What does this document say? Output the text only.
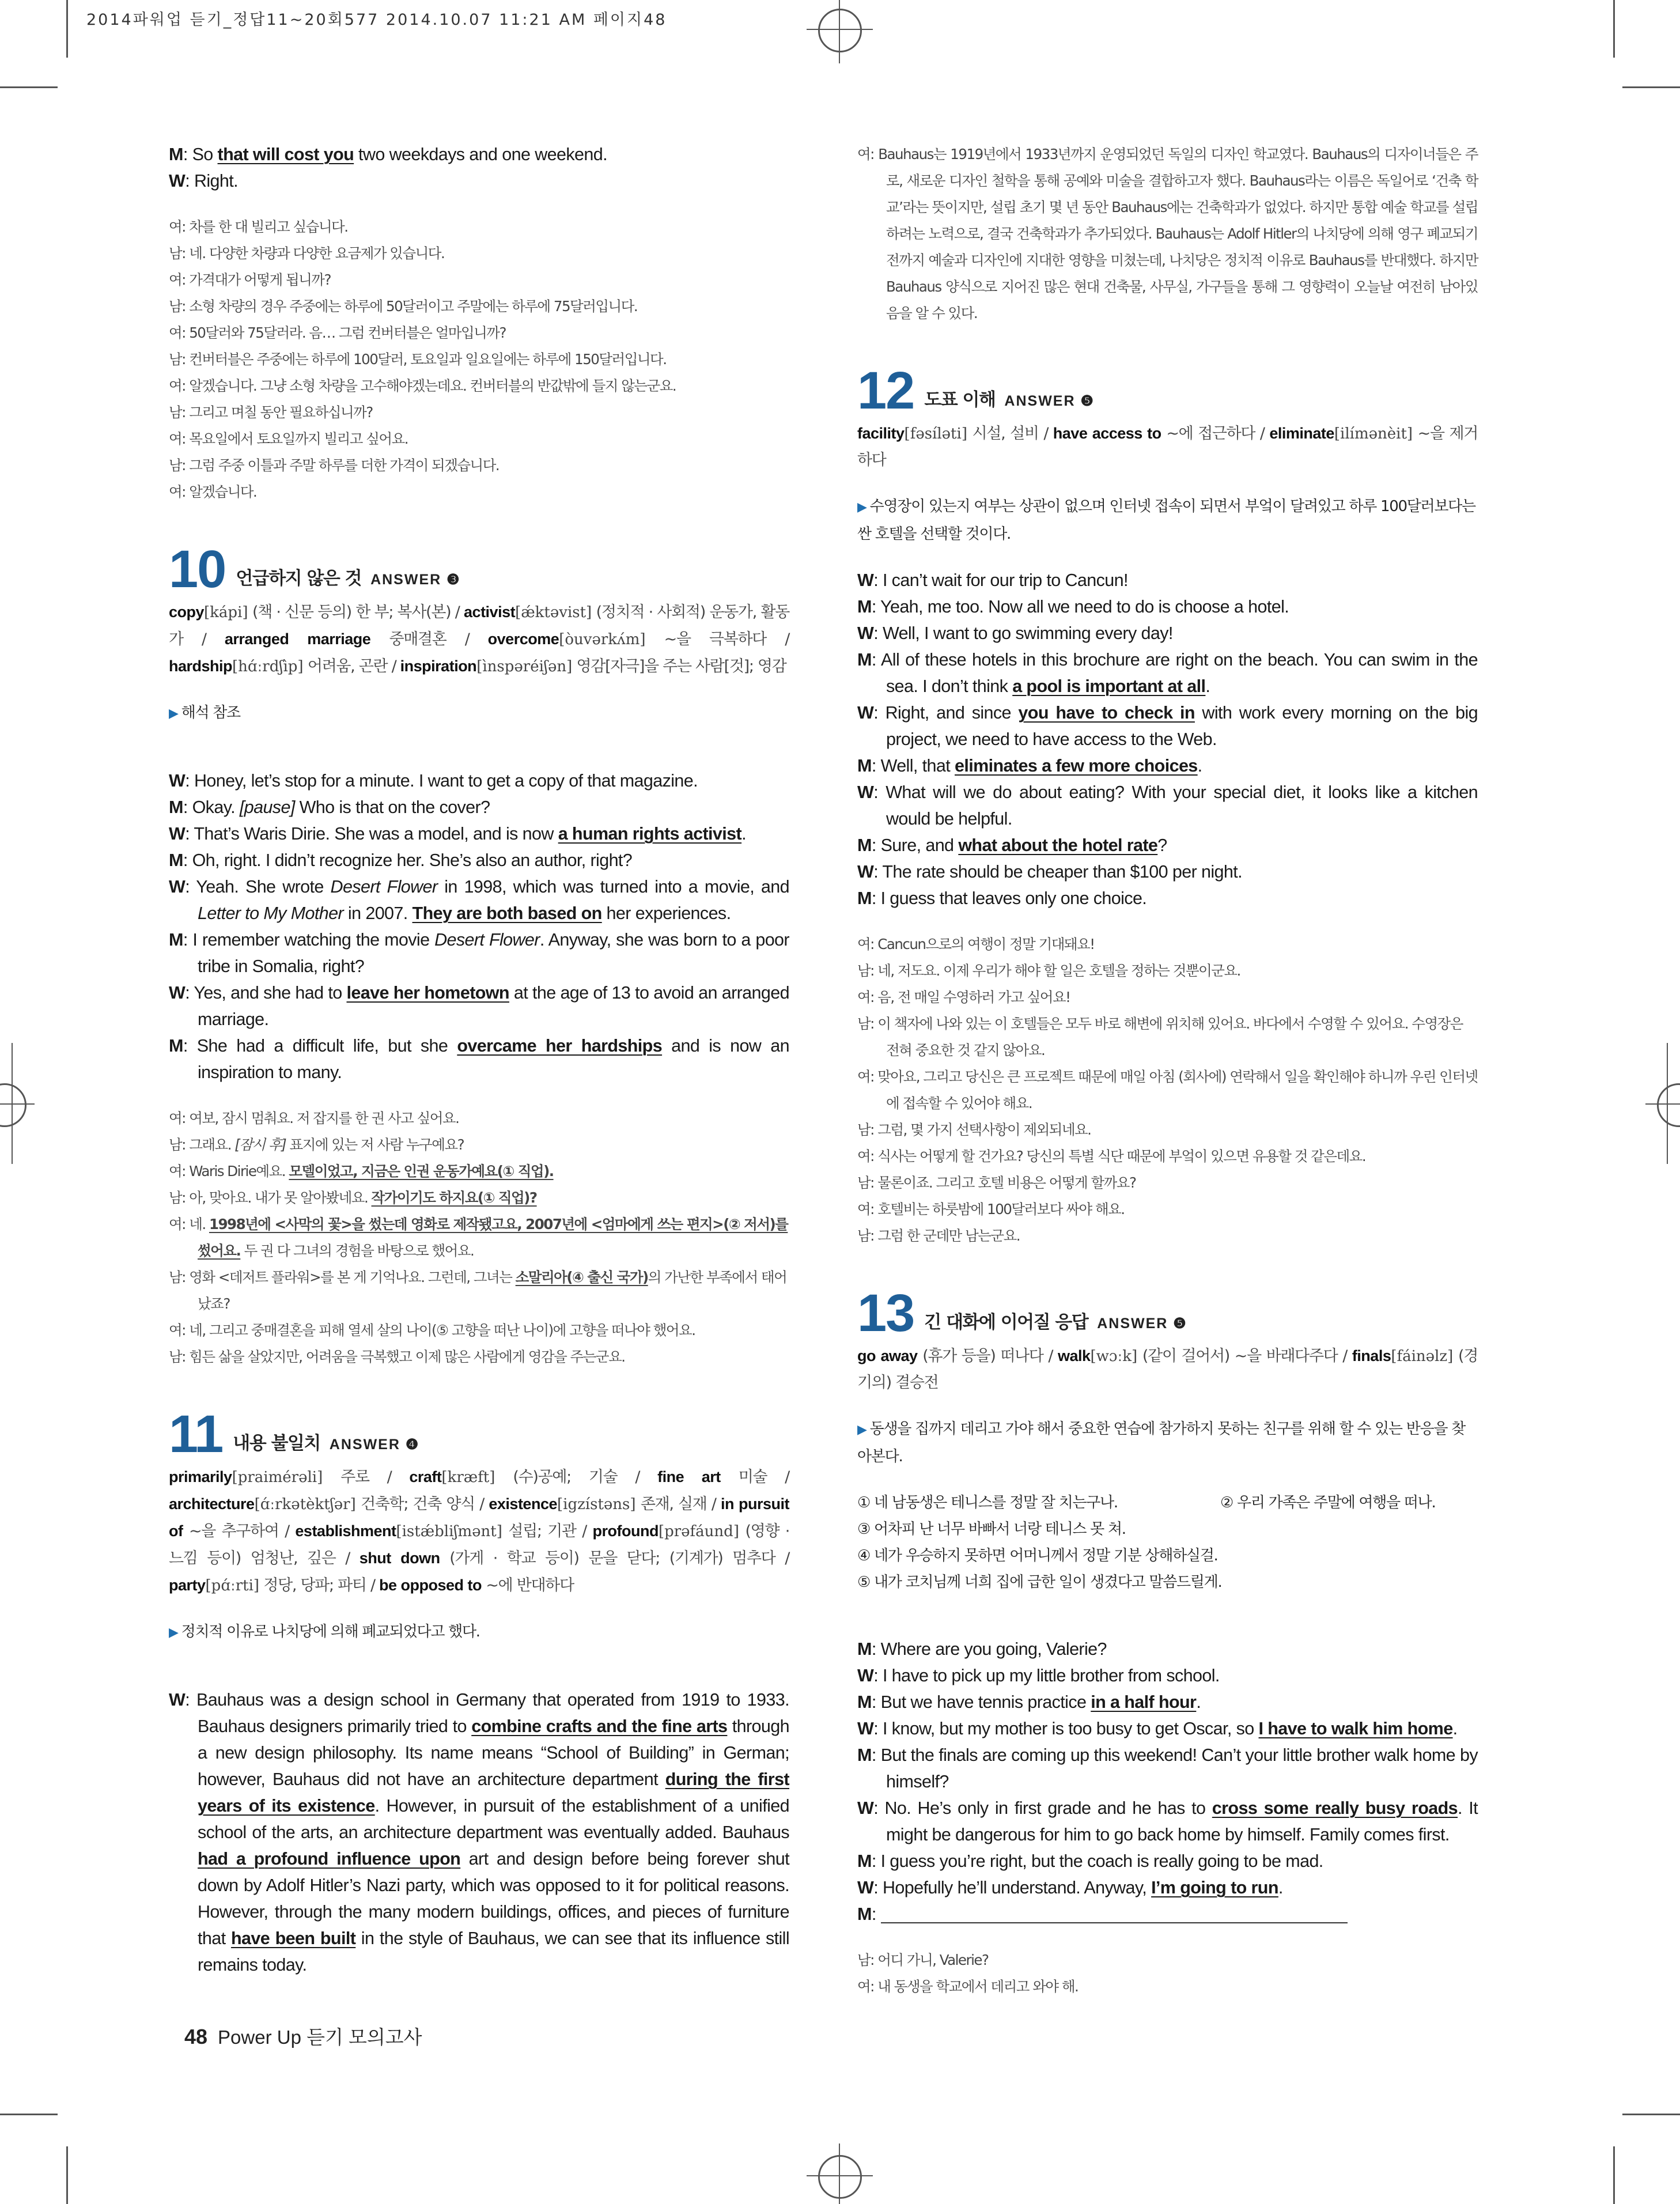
2014파워업 듣기_정답11~20회577 2014.10.07 11:21 AM 페이지48

M: So that will cost you two weekdays and one weekend.

W: Right.

여: 차를 한 대 빌리고 싶습니다.

남: 네. 다양한 차량과 다양한 요금제가 있습니다.

여: 가격대가 어떻게 됩니까?

남: 소형 차량의 경우 주중에는 하루에 50달러이고 주말에는 하루에 75달러입니다.

여: 50달러와 75달러라. 음… 그럼 컨버터블은 얼마입니까?

남: 컨버터블은 주중에는 하루에 100달러, 토요일과 일요일에는 하루에 150달러입니다.

여: 알겠습니다. 그냥 소형 차량을 고수해야겠는데요. 컨버터블의 반값밖에 들지 않는군요.

남: 그리고 며칠 동안 필요하십니까?

여: 목요일에서 토요일까지 빌리고 싶어요.

남: 그럼 주중 이틀과 주말 하루를 더한 가격이 되겠습니다.

여: 알겠습니다.

10 언급하지 않은 것 ANSWER ❸

copy[kápi] (책 · 신문 등의) 한 부; 복사(본) / activist[ǽktəvist] (정치적 · 사회적) 운동가, 활동가 / arranged marriage 중매결혼 / overcome[òuvərkʌ́m] ~을 극복하다 / hardship[hɑ́ːrdʃìp] 어려움, 곤란 / inspiration[ìnspəréiʃən] 영감[자극]을 주는 사람[것]; 영감

▶ 해석 참조

W: Honey, let’s stop for a minute. I want to get a copy of that magazine.

M: Okay. [pause] Who is that on the cover?

W: That’s Waris Dirie. She was a model, and is now a human rights activist.

M: Oh, right. I didn’t recognize her. She’s also an author, right?

W: Yeah. She wrote Desert Flower in 1998, which was turned into a movie, and Letter to My Mother in 2007. They are both based on her experiences.

M: I remember watching the movie Desert Flower. Anyway, she was born to a poor tribe in Somalia, right?

W: Yes, and she had to leave her hometown at the age of 13 to avoid an arranged marriage.

M: She had a difficult life, but she overcame her hardships and is now an inspiration to many.

여: 여보, 잠시 멈춰요. 저 잡지를 한 권 사고 싶어요.

남: 그래요. [잠시 후] 표지에 있는 저 사람 누구예요?

여: Waris Dirie예요. 모델이었고, 지금은 인권 운동가예요(① 직업).

남: 아, 맞아요. 내가 못 알아봤네요. 작가이기도 하지요(① 직업)?

여: 네. 1998년에 <사막의 꽃>을 썼는데 영화로 제작됐고요, 2007년에 <엄마에게 쓰는 편지>(② 저서)를 썼어요. 두 권 다 그녀의 경험을 바탕으로 했어요.

남: 영화 <데저트 플라워>를 본 게 기억나요. 그런데, 그녀는 소말리아(④ 출신 국가)의 가난한 부족에서 태어났죠?

여: 네, 그리고 중매결혼을 피해 열세 살의 나이(⑤ 고향을 떠난 나이)에 고향을 떠나야 했어요.

남: 힘든 삶을 살았지만, 어려움을 극복했고 이제 많은 사람에게 영감을 주는군요.

11 내용 불일치 ANSWER ❹

primarily[praimérəli] 주로 / craft[kræft] (수)공예; 기술 / fine art 미술 / architecture[ɑ́ːrkətèktʃər] 건축학; 건축 양식 / existence[igzístəns] 존재, 실재 / in pursuit of ~을 추구하여 / establishment[istǽbliʃmənt] 설립; 기관 / profound[prəfáund] (영향 · 느낌 등이) 엄청난, 깊은 / shut down (가게 · 학교 등이) 문을 닫다; (기계가) 멈추다 / party[pɑ́ːrti] 정당, 당파; 파티 / be opposed to ~에 반대하다

▶ 정치적 이유로 나치당에 의해 폐교되었다고 했다.

W: Bauhaus was a design school in Germany that operated from 1919 to 1933. Bauhaus designers primarily tried to combine crafts and the fine arts through a new design philosophy. Its name means “School of Building” in German; however, Bauhaus did not have an architecture department during the first years of its existence. However, in pursuit of the establishment of a unified school of the arts, an architecture department was eventually added. Bauhaus had a profound influence upon art and design before being forever shut down by Adolf Hitler’s Nazi party, which was opposed to it for political reasons. However, through the many modern buildings, offices, and pieces of furniture that have been built in the style of Bauhaus, we can see that its influence still remains today.

여: Bauhaus는 1919년에서 1933년까지 운영되었던 독일의 디자인 학교였다. Bauhaus의 디자이너들은 주로, 새로운 디자인 철학을 통해 공예와 미술을 결합하고자 했다. Bauhaus라는 이름은 독일어로 ‘건축 학교’라는 뜻이지만, 설립 초기 몇 년 동안 Bauhaus에는 건축학과가 없었다. 하지만 통합 예술 학교를 설립하려는 노력으로, 결국 건축학과가 추가되었다. Bauhaus는 Adolf Hitler의 나치당에 의해 영구 폐교되기 전까지 예술과 디자인에 지대한 영향을 미쳤는데, 나치당은 정치적 이유로 Bauhaus를 반대했다. 하지만 Bauhaus 양식으로 지어진 많은 현대 건축물, 사무실, 가구들을 통해 그 영향력이 오늘날 여전히 남아있음을 알 수 있다.

12 도표 이해 ANSWER ❺

facility[fəsíləti] 시설, 설비 / have access to ~에 접근하다 / eliminate[ilímənèit] ~을 제거하다

▶ 수영장이 있는지 여부는 상관이 없으며 인터넷 접속이 되면서 부엌이 달려있고 하루 100달러보다는 싼 호텔을 선택할 것이다.

W: I can’t wait for our trip to Cancun!

M: Yeah, me too. Now all we need to do is choose a hotel.

W: Well, I want to go swimming every day!

M: All of these hotels in this brochure are right on the beach. You can swim in the sea. I don’t think a pool is important at all.

W: Right, and since you have to check in with work every morning on the big project, we need to have access to the Web.

M: Well, that eliminates a few more choices.

W: What will we do about eating? With your special diet, it looks like a kitchen would be helpful.

M: Sure, and what about the hotel rate?

W: The rate should be cheaper than $100 per night.

M: I guess that leaves only one choice.

여: Cancun으로의 여행이 정말 기대돼요!

남: 네, 저도요. 이제 우리가 해야 할 일은 호텔을 정하는 것뿐이군요.

여: 음, 전 매일 수영하러 가고 싶어요!

남: 이 책자에 나와 있는 이 호텔들은 모두 바로 해변에 위치해 있어요. 바다에서 수영할 수 있어요. 수영장은 전혀 중요한 것 같지 않아요.

여: 맞아요, 그리고 당신은 큰 프로젝트 때문에 매일 아침 (회사에) 연락해서 일을 확인해야 하니까 우린 인터넷에 접속할 수 있어야 해요.

남: 그럼, 몇 가지 선택사항이 제외되네요.

여: 식사는 어떻게 할 건가요? 당신의 특별 식단 때문에 부엌이 있으면 유용할 것 같은데요.

남: 물론이죠. 그리고 호텔 비용은 어떻게 할까요?

여: 호텔비는 하룻밤에 100달러보다 싸야 해요.

남: 그럼 한 군데만 남는군요.

13 긴 대화에 이어질 응답 ANSWER ❺

go away (휴가 등을) 떠나다 / walk[wɔːk] (같이 걸어서) ~을 바래다주다 / finals[fáinəlz] (경기의) 결승전

▶ 동생을 집까지 데리고 가야 해서 중요한 연습에 참가하지 못하는 친구를 위해 할 수 있는 반응을 찾아본다.

① 네 남동생은 테니스를 정말 잘 치는구나.	② 우리 가족은 주말에 여행을 떠나.
③ 어차피 난 너무 바빠서 너랑 테니스 못 쳐.
④ 네가 우승하지 못하면 어머니께서 정말 기분 상해하실걸.
⑤ 내가 코치님께 너희 집에 급한 일이 생겼다고 말씀드릴게.

M: Where are you going, Valerie?

W: I have to pick up my little brother from school.

M: But we have tennis practice in a half hour.

W: I know, but my mother is too busy to get Oscar, so I have to walk him home.

M: But the finals are coming up this weekend! Can’t your little brother walk home by himself?

W: No. He’s only in first grade and he has to cross some really busy roads. It might be dangerous for him to go back home by himself. Family comes first.

M: I guess you’re right, but the coach is really going to be mad.

W: Hopefully he’ll understand. Anyway, I’m going to run.

M:

남: 어디 가니, Valerie?

여: 내 동생을 학교에서 데리고 와야 해.

48 Power Up 듣기 모의고사
